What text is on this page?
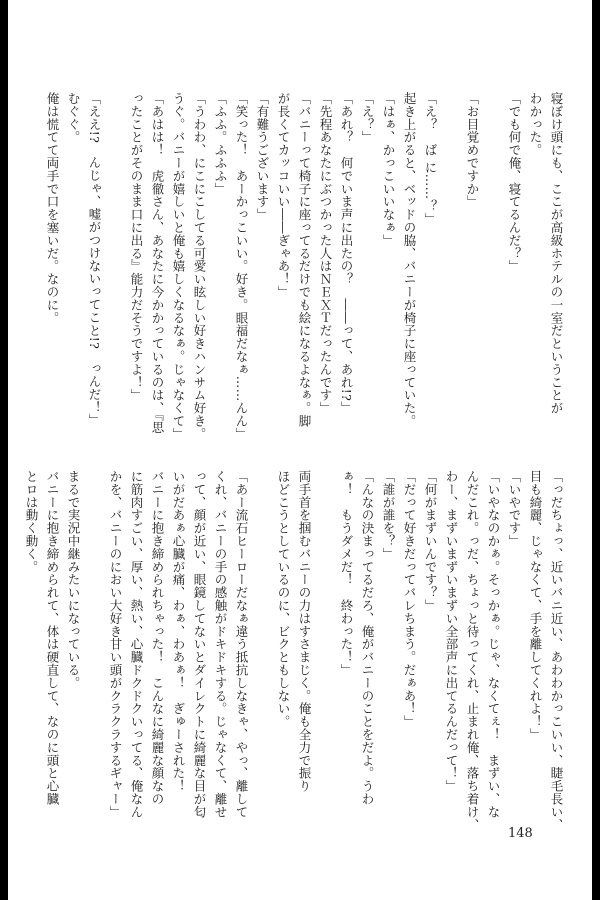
寝ぼけ頭にも、ここが高級ホテルの一室だということが
わかった。
「でも何で俺、寝てるんだ？」
「お目覚めですか」
「え？　ば に……？」
起き上がると、ベッドの脇、バニーが椅子に座っていた。
「はぁ、かっこいいなぁ」
「え？」
「あれ？　何でいま声に出たの？　――って、あれ!?」
「先程あなたにぶつかった人はＮＥＸＴだったんです」
「バニーって椅子に座ってるだけでも絵になるよなぁ。脚
が長くてカッコいい――ぎゃあ！」
「有難うございます」
「笑った！　あーかっこいい。好き。眼福だなぁ……んん」
「ふふ。ふふふ」
「うわわ、にこにこしてる可愛い眩しい好きハンサム好き。
うぐ。バニーが嬉しいと俺も嬉しくなるなぁ。じゃなくて」
「あはは！　虎徹さん、あなたに今かかっているのは、『思
ったことがそのまま口に出る』能力だそうですよ！」
「ええ!?　んじゃ、嘘がつけないってこと!?　っんだ！」
むぐぐ。
俺は慌てて両手で口を塞いだ。なのに。
「っだちょっ、近いバニ近い、あわわかっこいい、睫毛長い、
目も綺麗、じゃなくて、手を離してくれよ！」
「いやです」
「いやなのかぁ。そっかぁ。じゃ、なくてぇ！　まずい、な
んだこれ。っだ、ちょっと待ってくれ、止まれ俺、落ち着け、
わー、まずいまずいまずい全部声に出てるんだって！」
「何がまずいんです？」
「だって好きだってバレちまう。だぁあ！」
「誰が誰を？」
「んなの決まってるだろ、俺がバニーのことをだよ。うわ
ぁ！　もうダメだ！　終わった！」
両手首を掴むバニーの力はすさまじく。俺も全力で振り
ほどこうとしているのに、ビクともしない。
「あー流石ヒーローだなぁ違う抵抗しなきゃ、やっ、離して
くれ、バニーの手の感触がドキドキする。じゃなくて、離せ
って、顔が近い、眼鏡してないとダイレクトに綺麗な目が匂
いがだあぁ心臓が痛、わぁ、わあぁ！　ぎゅーされた！
バニーに抱き締められちゃった！　こんなに綺麗な顔なの
に筋肉すごい、厚い、熱い、心臓ドクドクいってる、俺なん
かを、バニーのにおい大好き甘い頭がクラクラするギャー」
まるで実況中継みたいになっている。
バニーに抱き締められて、体は硬直して、なのに頭と心臓
とロは動く動く。
148
